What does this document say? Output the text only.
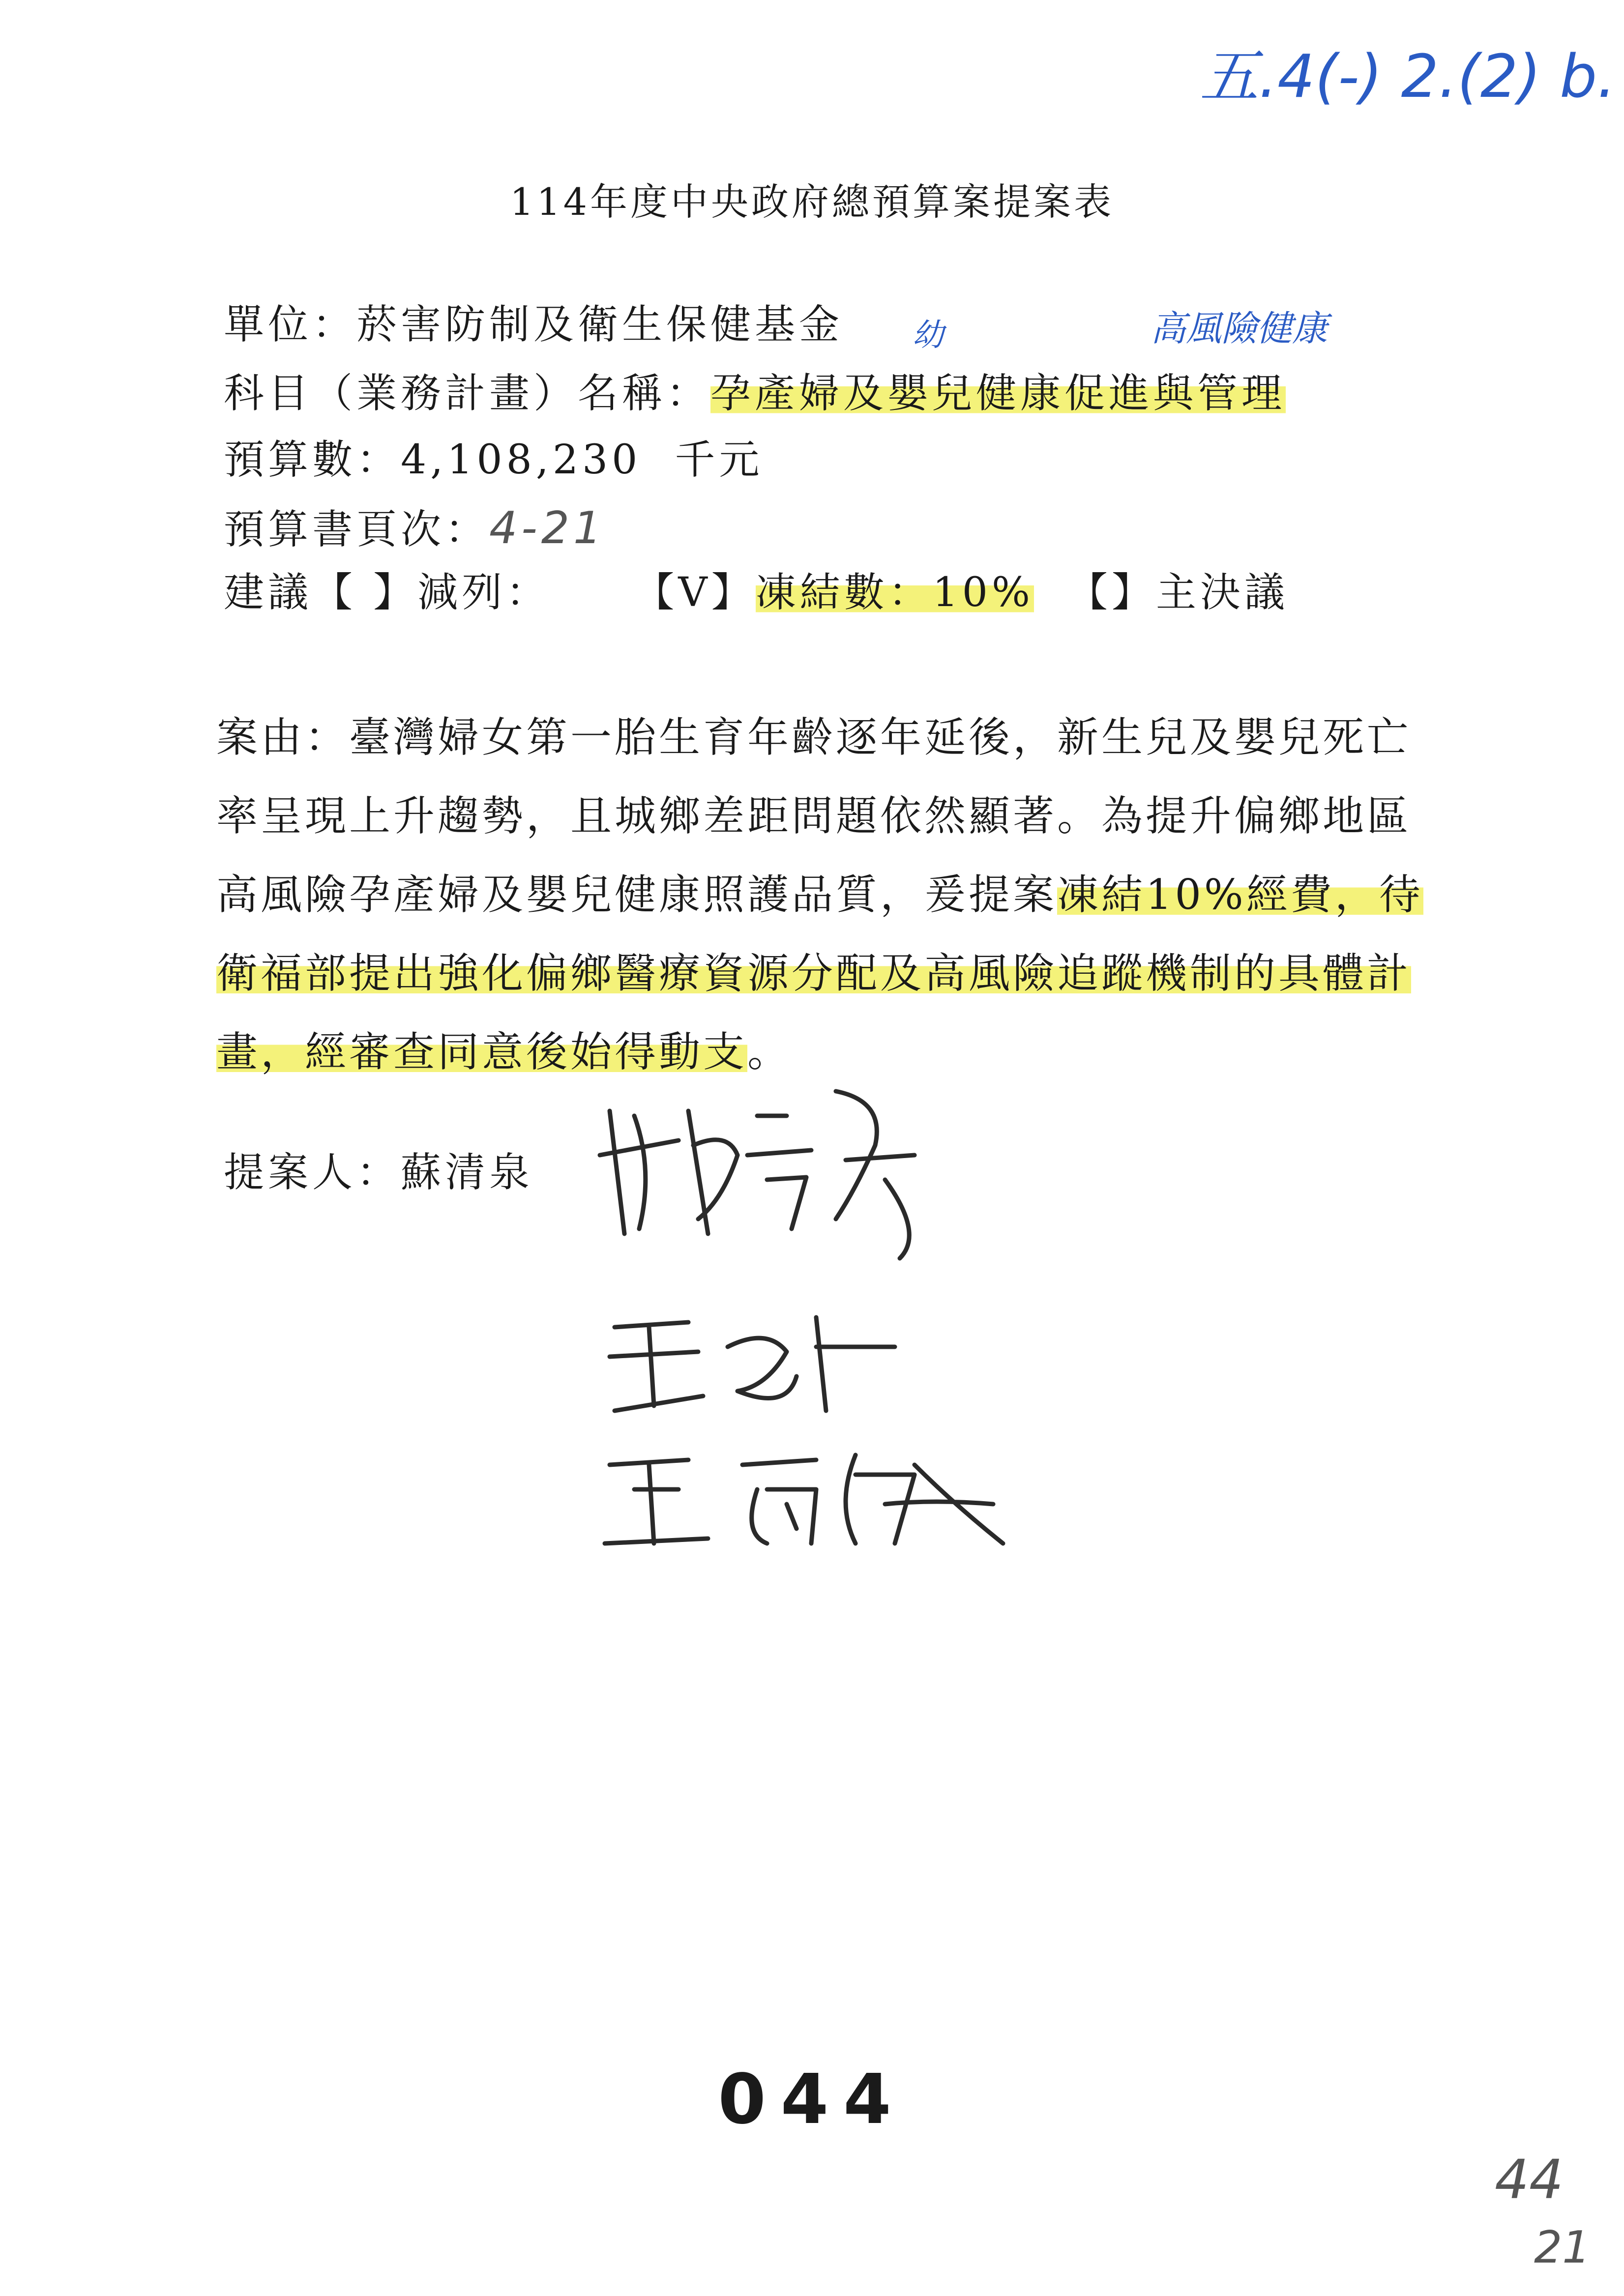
五.4(-) 2.(2) b.
114年度中央政府總預算案提案表
單位：菸害防制及衛生保健基金 幼	高風險健康
科目（業務計畫）名稱：孕產婦及嬰兒健康促進與管理
預算數：4,108,230 千元
預算書頁次：4-21
建議【 】減列： 【V】凍結數：10% 【】主決議
案由：臺灣婦女第一胎生育年齡逐年延後，新生兒及嬰兒死亡率呈現上升趨勢，且城鄉差距問題依然顯著。為提升偏鄉地區高風險孕產婦及嬰兒健康照護品質，爰提案凍結10%經費，待衛福部提出強化偏鄉醫療資源分配及高風險追蹤機制的具體計畫，經審查同意後始得動支。
提案人：蘇清泉
044
44
21
